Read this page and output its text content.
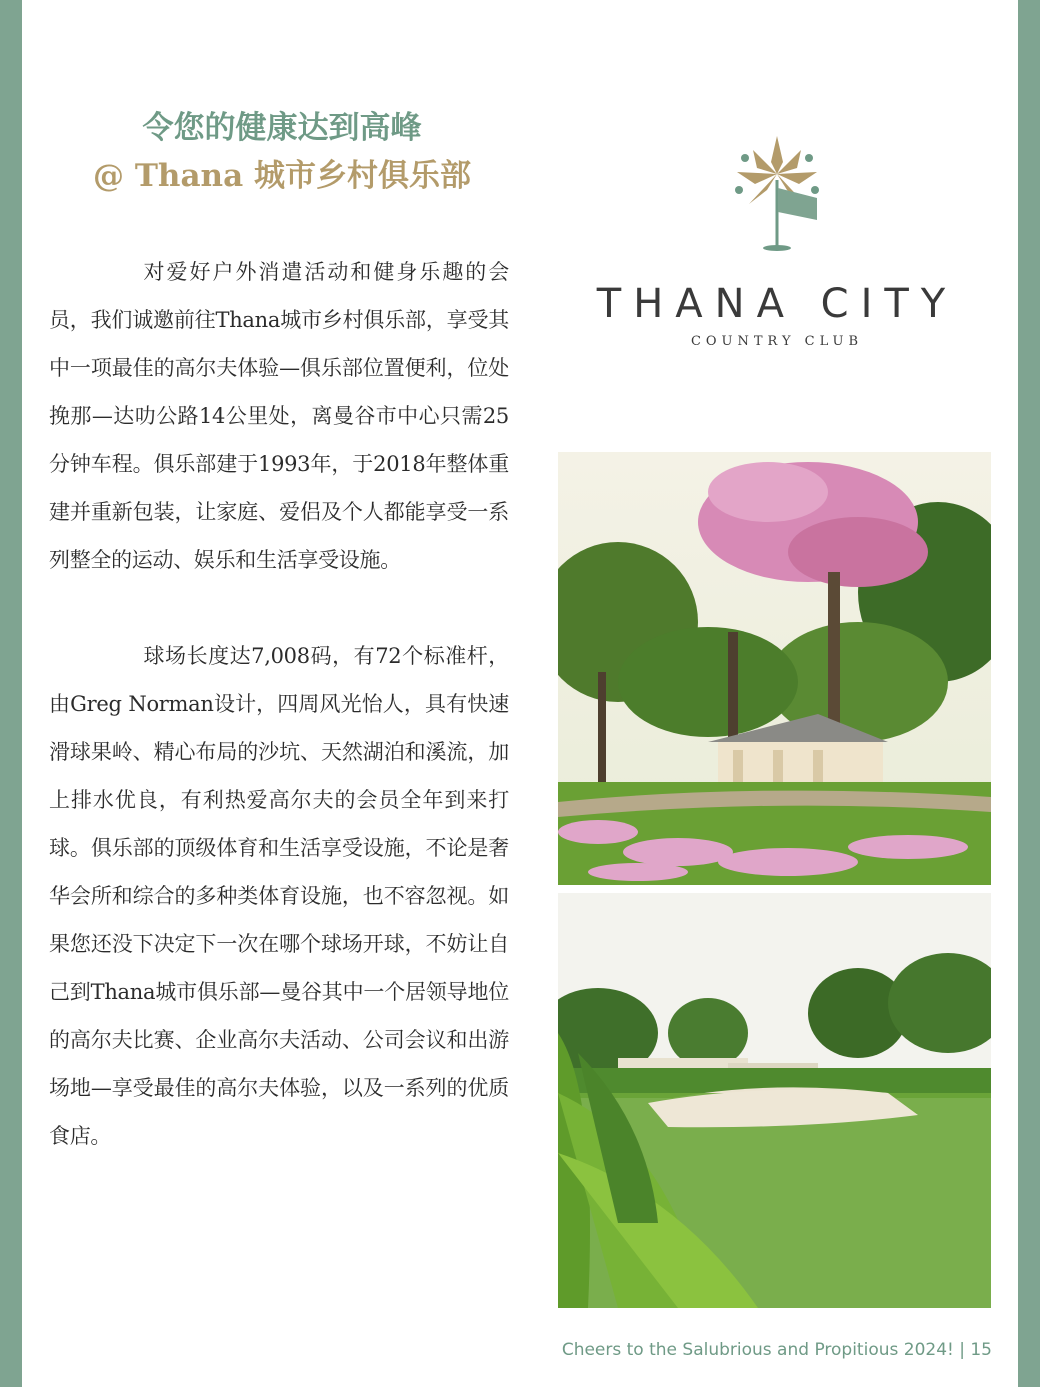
令您的健康达到高峰
@ Thana 城市乡村俱乐部

对爱好户外消遣活动和健身乐趣的会员，我们诚邀前往Thana城市乡村俱乐部，享受其中一项最佳的高尔夫体验—俱乐部位置便利，位处挽那—达叻公路14公里处，离曼谷市中心只需25分钟车程。俱乐部建于1993年，于2018年整体重建并重新包装，让家庭、爱侣及个人都能享受一系列整全的运动、娱乐和生活享受设施。

球场长度达7,008码，有72个标准杆，由Greg Norman设计，四周风光怡人，具有快速滑球果岭、精心布局的沙坑、天然湖泊和溪流，加上排水优良，有利热爱高尔夫的会员全年到来打球。俱乐部的顶级体育和生活享受设施，不论是奢华会所和综合的多种类体育设施，也不容忽视。如果您还没下决定下一次在哪个球场开球，不妨让自己到Thana城市俱乐部—曼谷其中一个居领导地位的高尔夫比赛、企业高尔夫活动、公司会议和出游场地—享受最佳的高尔夫体验，以及一系列的优质食店。

THANA CITY
COUNTRY CLUB
Cheers to the Salubrious and Propitious 2024! | 15
